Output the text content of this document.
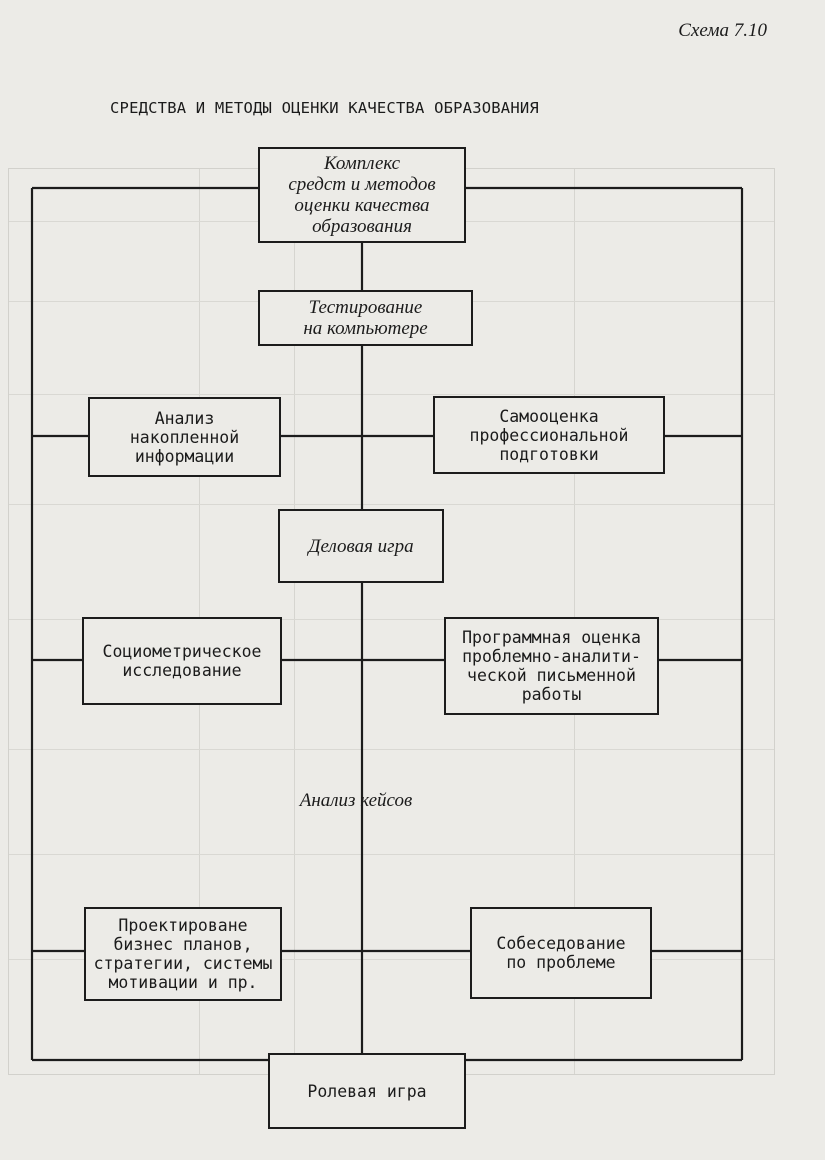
Схема 7.10
СРЕДСТВА И МЕТОДЫ ОЦЕНКИ КАЧЕСТВА ОБРАЗОВАНИЯ
Комплекс
средст и методов
оценки качества
образования
Тестирование
на компьютере
Анализ
накопленной
информации
Самооценка
профессиональной
подготовки
Деловая игра
Социометрическое
исследование
Программная оценка
проблемно-аналити-
ческой письменной
работы
Анализ кейсов
Проектироване
бизнес планов,
стратегии, системы
мотивации и пр.
Собеседование
по проблеме
Ролевая игра
